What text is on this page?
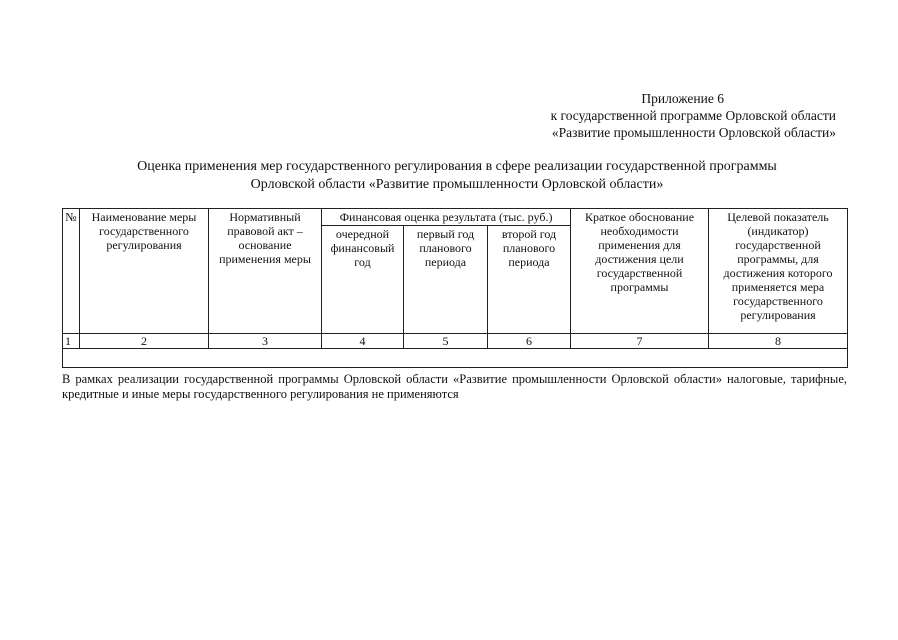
Приложение 6
к государственной программе Орловской области
«Развитие промышленности Орловской области»
Оценка применения мер государственного регулирования в сфере реализации государственной программы
Орловской области «Развитие промышленности Орловской области»
№	Наименование меры государственного регулирования	Нормативный правовой акт – основание применения меры	Финансовая оценка результата (тыс. руб.)			Краткое обоснование необходимости применения для достижения цели государственной программы	Целевой показатель (индикатор) государственной программы, для достижения которого применяется мера государственного регулирования
			очередной финансовый год	первый год планового периода	второй год планового периода		
1	2	3	4	5	6	7	8

В рамках реализации государственной программы Орловской области «Развитие промышленности Орловской области» налоговые, тарифные, кредитные и иные меры государственного регулирования не применяются
